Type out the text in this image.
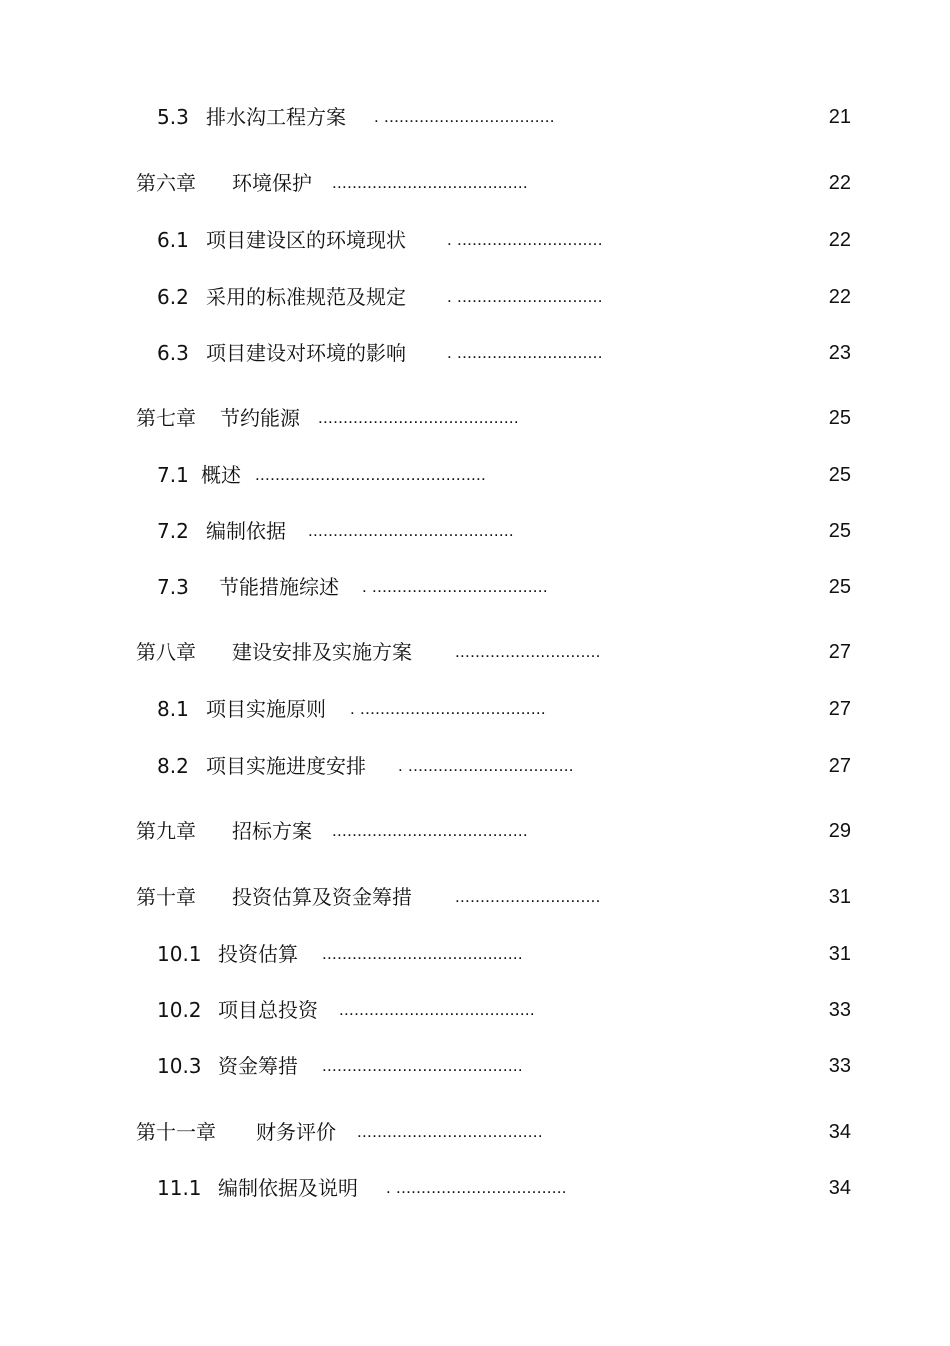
5.3 排水沟工程方案 . ..................................	21
第六章 环境保护 .......................................	22
6.1 项目建设区的环境现状 . .............................	22
6.2 采用的标准规范及规定 . .............................	22
6.3 项目建设对环境的影响 . .............................	23
第七章 节约能源 ........................................	25
7.1 概述 ..............................................	25
7.2 编制依据 .........................................	25
7.3 节能措施综述 . ...................................	25
第八章 建设安排及实施方案	.............................	27
8.1 项目实施原则 . .....................................	27
8.2 项目实施进度安排 . .................................	27
第九章 招标方案 .......................................	29
第十章 投资估算及资金筹措	.............................	31
10.1 投资估算 ........................................	31
10.2 项目总投资 .......................................	33
10.3 资金筹措 ........................................	33
第十一章 财务评价 .....................................	34
11.1 编制依据及说明 . ..................................	34
